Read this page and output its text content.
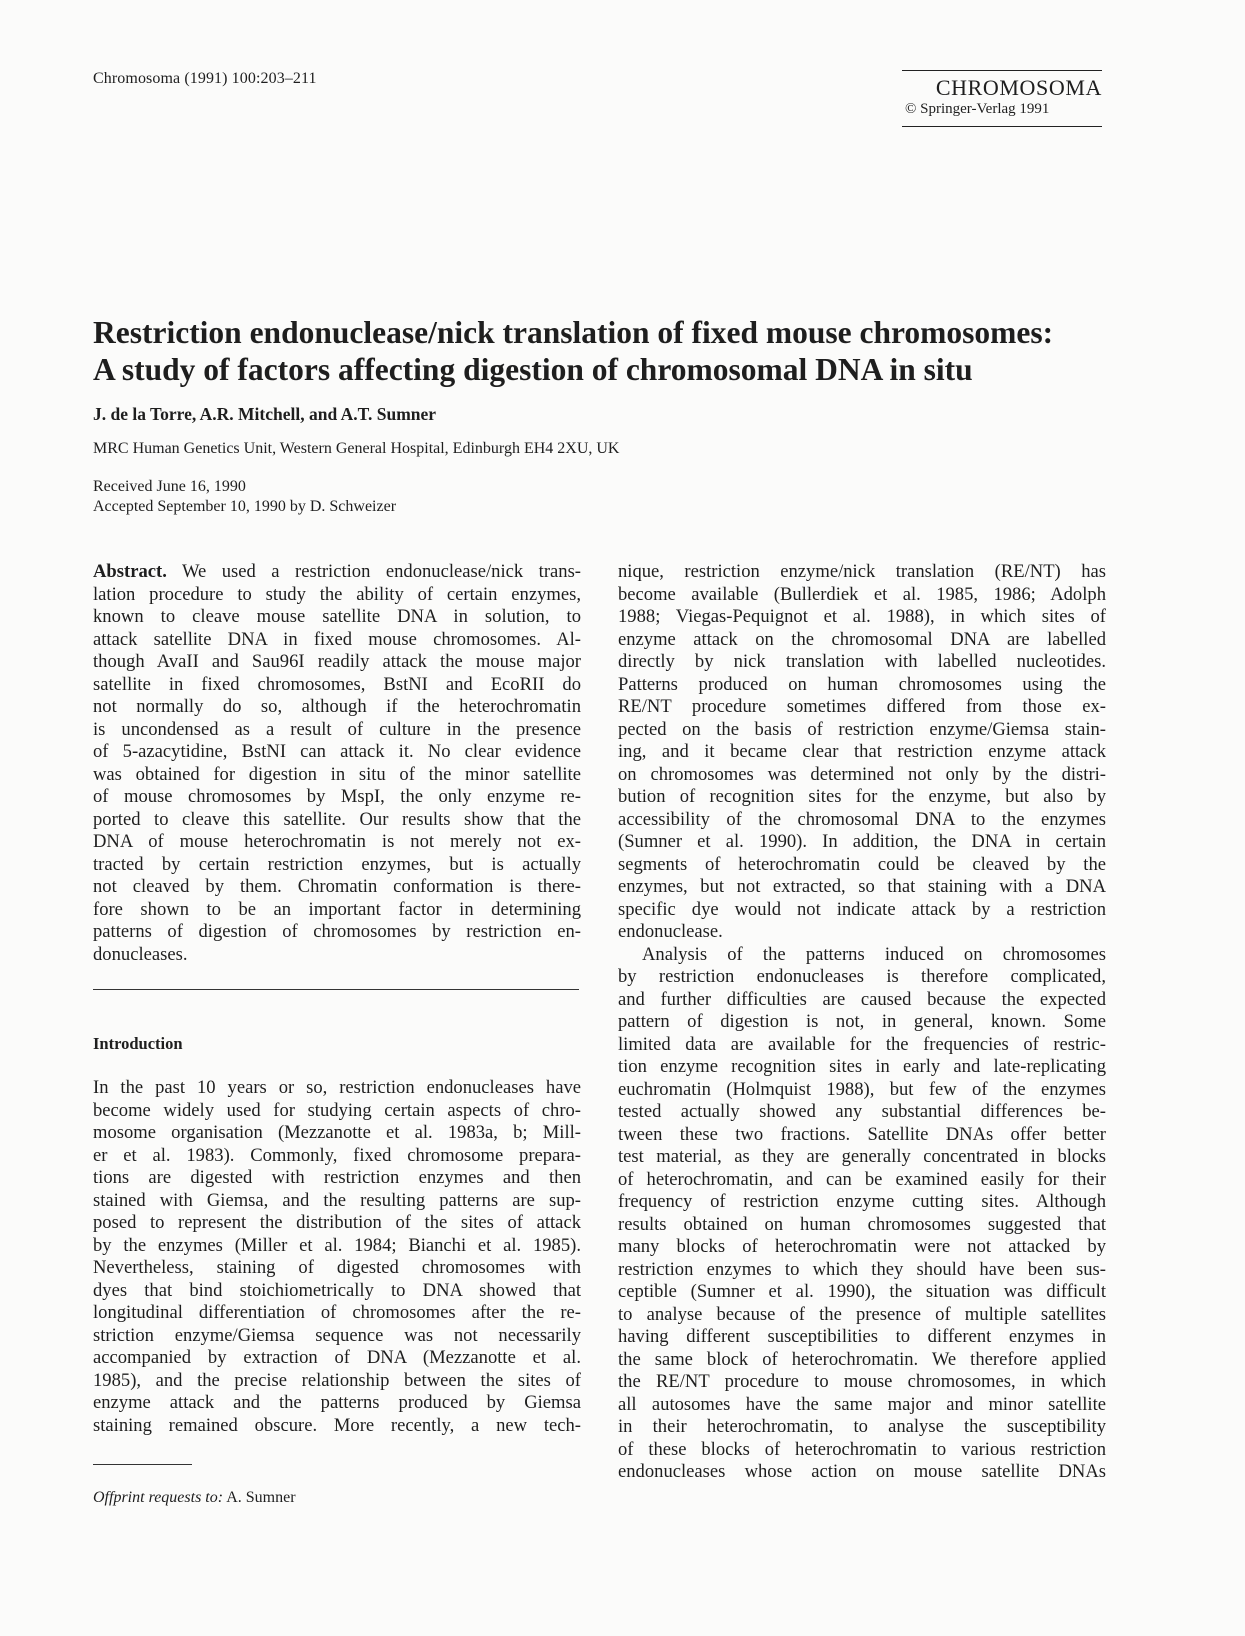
Chromosoma (1991) 100:203–211	CHROMOSOMA
© Springer-Verlag 1991
Restriction endonuclease/nick translation of fixed mouse chromosomes:
A study of factors affecting digestion of chromosomal DNA in situ
J. de la Torre, A.R. Mitchell, and A.T. Sumner
MRC Human Genetics Unit, Western General Hospital, Edinburgh EH4 2XU, UK
Received June 16, 1990
Accepted September 10, 1990 by D. Schweizer
Abstract. We used a restriction endonuclease/nick trans-
lation procedure to study the ability of certain enzymes,
known to cleave mouse satellite DNA in solution, to
attack satellite DNA in fixed mouse chromosomes. Al-
though AvaII and Sau96I readily attack the mouse major
satellite in fixed chromosomes, BstNI and EcoRII do
not normally do so, although if the heterochromatin
is uncondensed as a result of culture in the presence
of 5-azacytidine, BstNI can attack it. No clear evidence
was obtained for digestion in situ of the minor satellite
of mouse chromosomes by MspI, the only enzyme re-
ported to cleave this satellite. Our results show that the
DNA of mouse heterochromatin is not merely not ex-
tracted by certain restriction enzymes, but is actually
not cleaved by them. Chromatin conformation is there-
fore shown to be an important factor in determining
patterns of digestion of chromosomes by restriction en-
donucleases.
Introduction
In the past 10 years or so, restriction endonucleases have
become widely used for studying certain aspects of chro-
mosome organisation (Mezzanotte et al. 1983a, b; Mill-
er et al. 1983). Commonly, fixed chromosome prepara-
tions are digested with restriction enzymes and then
stained with Giemsa, and the resulting patterns are sup-
posed to represent the distribution of the sites of attack
by the enzymes (Miller et al. 1984; Bianchi et al. 1985).
Nevertheless, staining of digested chromosomes with
dyes that bind stoichiometrically to DNA showed that
longitudinal differentiation of chromosomes after the re-
striction enzyme/Giemsa sequence was not necessarily
accompanied by extraction of DNA (Mezzanotte et al.
1985), and the precise relationship between the sites of
enzyme attack and the patterns produced by Giemsa
staining remained obscure. More recently, a new tech-
Offprint requests to: A. Sumner
nique, restriction enzyme/nick translation (RE/NT) has
become available (Bullerdiek et al. 1985, 1986; Adolph
1988; Viegas-Pequignot et al. 1988), in which sites of
enzyme attack on the chromosomal DNA are labelled
directly by nick translation with labelled nucleotides.
Patterns produced on human chromosomes using the
RE/NT procedure sometimes differed from those ex-
pected on the basis of restriction enzyme/Giemsa stain-
ing, and it became clear that restriction enzyme attack
on chromosomes was determined not only by the distri-
bution of recognition sites for the enzyme, but also by
accessibility of the chromosomal DNA to the enzymes
(Sumner et al. 1990). In addition, the DNA in certain
segments of heterochromatin could be cleaved by the
enzymes, but not extracted, so that staining with a DNA
specific dye would not indicate attack by a restriction
endonuclease.
Analysis of the patterns induced on chromosomes
by restriction endonucleases is therefore complicated,
and further difficulties are caused because the expected
pattern of digestion is not, in general, known. Some
limited data are available for the frequencies of restric-
tion enzyme recognition sites in early and late-replicating
euchromatin (Holmquist 1988), but few of the enzymes
tested actually showed any substantial differences be-
tween these two fractions. Satellite DNAs offer better
test material, as they are generally concentrated in blocks
of heterochromatin, and can be examined easily for their
frequency of restriction enzyme cutting sites. Although
results obtained on human chromosomes suggested that
many blocks of heterochromatin were not attacked by
restriction enzymes to which they should have been sus-
ceptible (Sumner et al. 1990), the situation was difficult
to analyse because of the presence of multiple satellites
having different susceptibilities to different enzymes in
the same block of heterochromatin. We therefore applied
the RE/NT procedure to mouse chromosomes, in which
all autosomes have the same major and minor satellite
in their heterochromatin, to analyse the susceptibility
of these blocks of heterochromatin to various restriction
endonucleases whose action on mouse satellite DNAs
